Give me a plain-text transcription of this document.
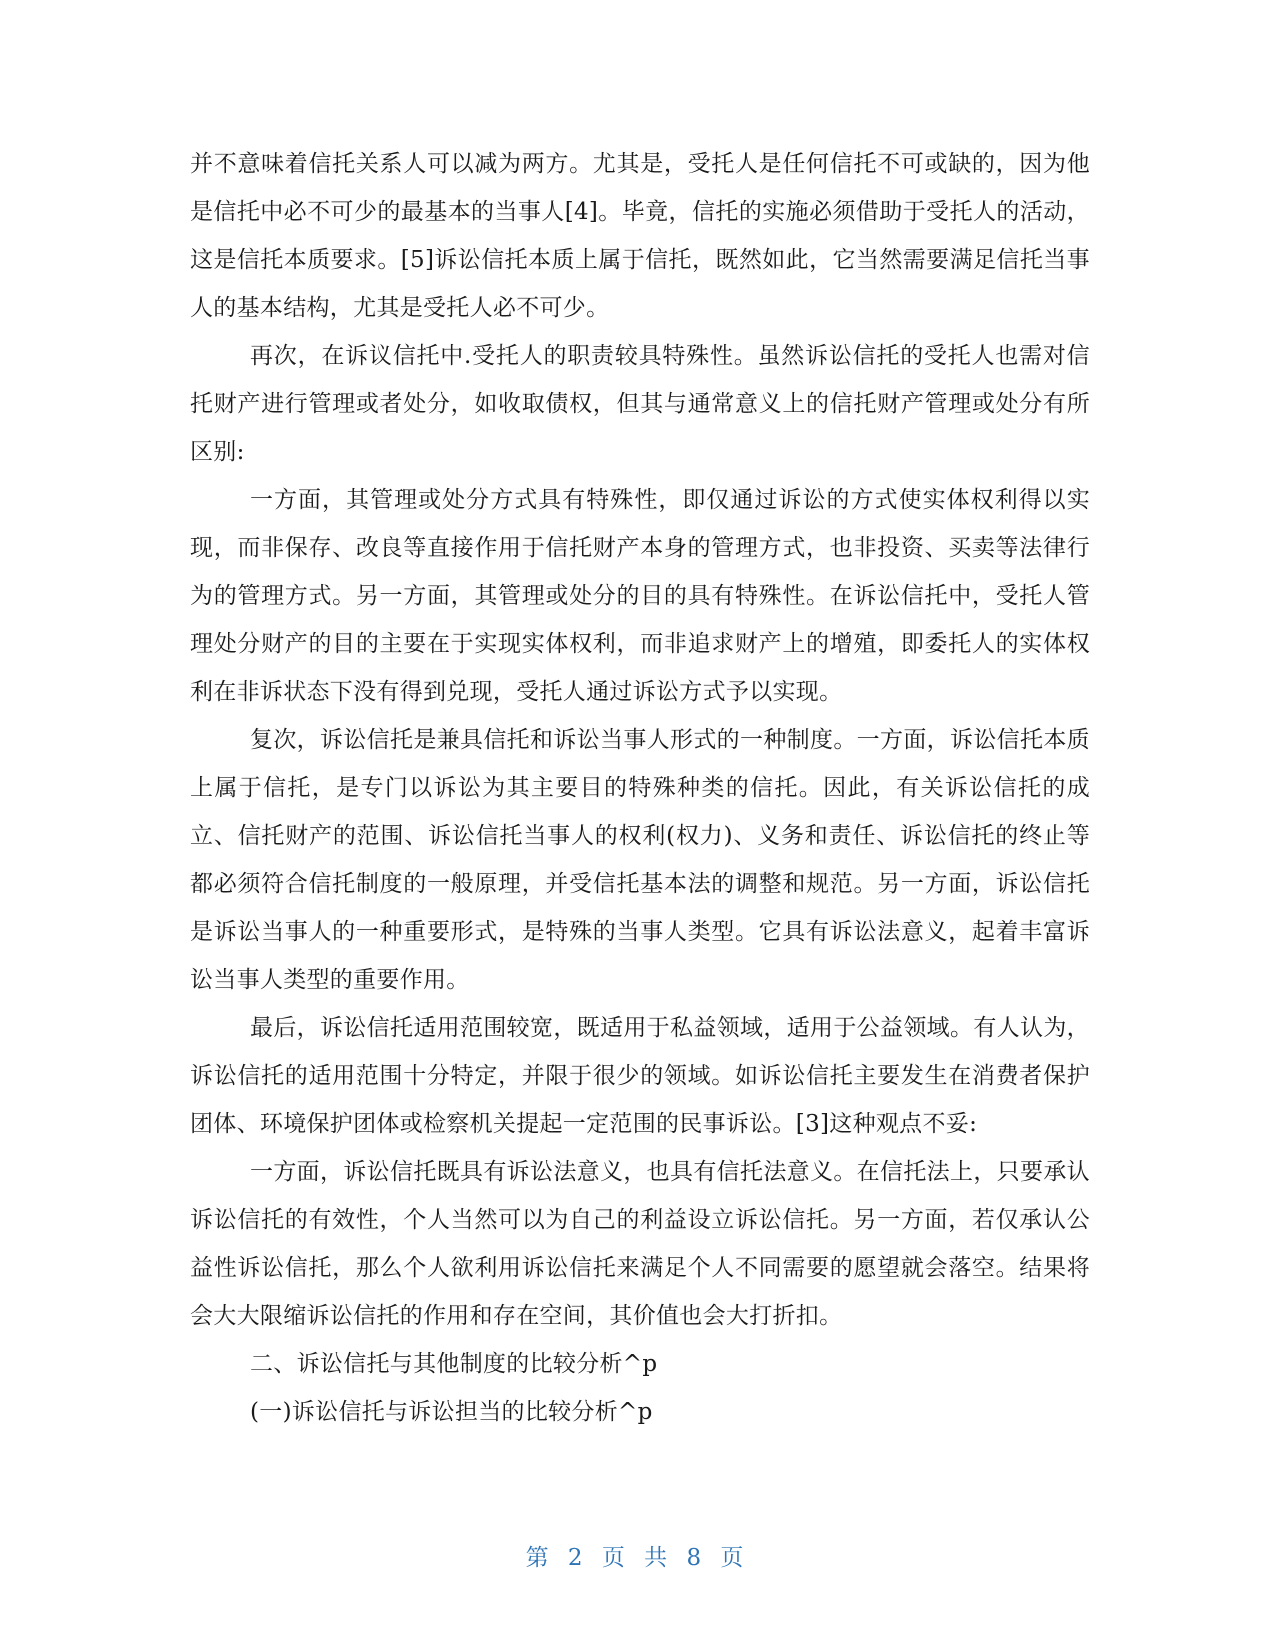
并不意味着信托关系人可以减为两方。尤其是，受托人是任何信托不可或缺的，因为他是信托中必不可少的最基本的当事人[4]。毕竟，信托的实施必须借助于受托人的活动，这是信托本质要求。[5]诉讼信托本质上属于信托，既然如此，它当然需要满足信托当事人的基本结构，尤其是受托人必不可少。

再次，在诉议信托中.受托人的职责较具特殊性。虽然诉讼信托的受托人也需对信托财产进行管理或者处分，如收取债权，但其与通常意义上的信托财产管理或处分有所区别:

一方面，其管理或处分方式具有特殊性，即仅通过诉讼的方式使实体权利得以实现，而非保存、改良等直接作用于信托财产本身的管理方式，也非投资、买卖等法律行为的管理方式。另一方面，其管理或处分的目的具有特殊性。在诉讼信托中，受托人管理处分财产的目的主要在于实现实体权利，而非追求财产上的增殖，即委托人的实体权利在非诉状态下没有得到兑现，受托人通过诉讼方式予以实现。

复次，诉讼信托是兼具信托和诉讼当事人形式的一种制度。一方面，诉讼信托本质上属于信托，是专门以诉讼为其主要目的特殊种类的信托。因此，有关诉讼信托的成立、信托财产的范围、诉讼信托当事人的权利(权力)、义务和责任、诉讼信托的终止等都必须符合信托制度的一般原理，并受信托基本法的调整和规范。另一方面，诉讼信托是诉讼当事人的一种重要形式，是特殊的当事人类型。它具有诉讼法意义，起着丰富诉讼当事人类型的重要作用。

最后，诉讼信托适用范围较宽，既适用于私益领域，适用于公益领域。有人认为，诉讼信托的适用范围十分特定，并限于很少的领域。如诉讼信托主要发生在消费者保护团体、环境保护团体或检察机关提起一定范围的民事诉讼。[3]这种观点不妥:

一方面，诉讼信托既具有诉讼法意义，也具有信托法意义。在信托法上，只要承认诉讼信托的有效性，个人当然可以为自己的利益设立诉讼信托。另一方面，若仅承认公益性诉讼信托，那么个人欲利用诉讼信托来满足个人不同需要的愿望就会落空。结果将会大大限缩诉讼信托的作用和存在空间，其价值也会大打折扣。

二、诉讼信托与其他制度的比较分析^p

(一)诉讼信托与诉讼担当的比较分析^p

第 2 页 共 8 页
